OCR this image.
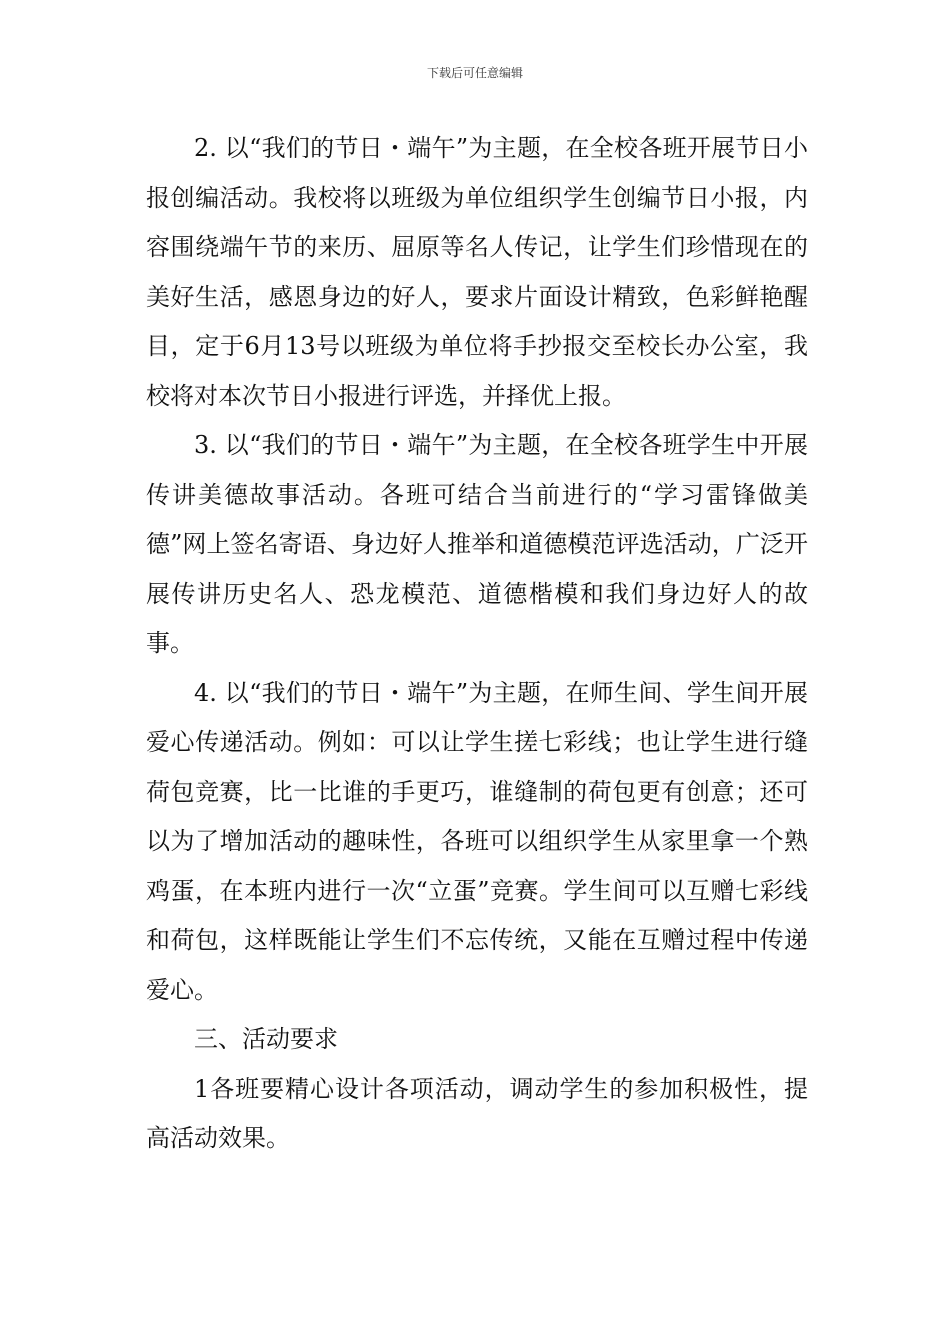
下载后可任意编辑

2. 以“我们的节日・端午”为主题，在全校各班开展节日小报创编活动。我校将以班级为单位组织学生创编节日小报，内容围绕端午节的来历、屈原等名人传记，让学生们珍惜现在的美好生活，感恩身边的好人，要求片面设计精致，色彩鲜艳醒目，定于6月13号以班级为单位将手抄报交至校长办公室，我校将对本次节日小报进行评选，并择优上报。

3. 以“我们的节日・端午”为主题，在全校各班学生中开展传讲美德故事活动。各班可结合当前进行的“学习雷锋做美德”网上签名寄语、身边好人推举和道德模范评选活动，广泛开展传讲历史名人、恐龙模范、道德楷模和我们身边好人的故事。

4. 以“我们的节日・端午”为主题，在师生间、学生间开展爱心传递活动。例如：可以让学生搓七彩线；也让学生进行缝荷包竞赛，比一比谁的手更巧，谁缝制的荷包更有创意；还可以为了增加活动的趣味性，各班可以组织学生从家里拿一个熟鸡蛋，在本班内进行一次“立蛋”竞赛。学生间可以互赠七彩线和荷包，这样既能让学生们不忘传统，又能在互赠过程中传递爱心。

三、活动要求

1各班要精心设计各项活动，调动学生的参加积极性，提高活动效果。
